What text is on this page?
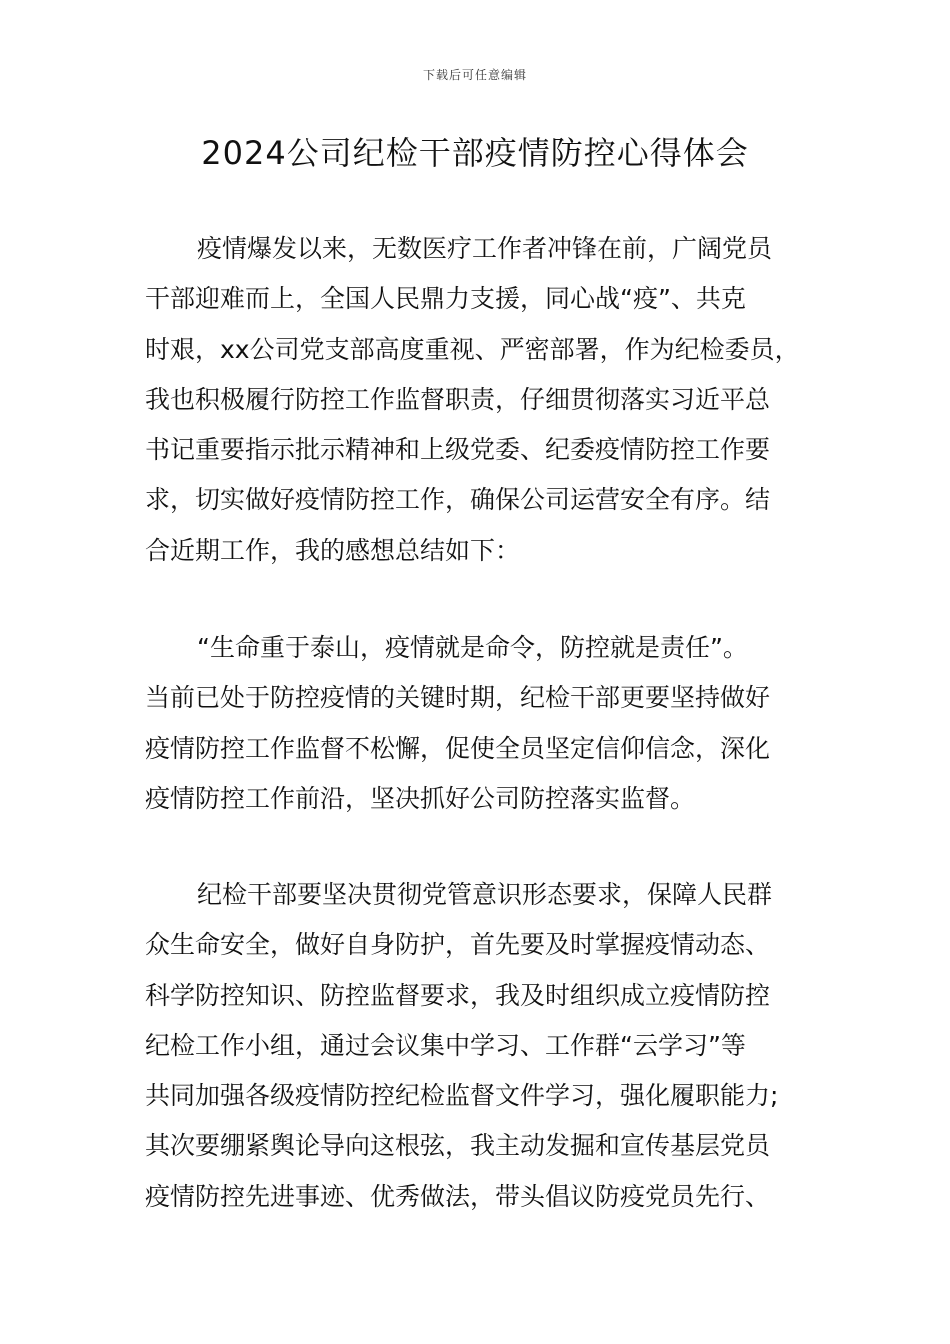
下载后可任意编辑
2024公司纪检干部疫情防控心得体会
疫情爆发以来，无数医疗工作者冲锋在前，广阔党员
干部迎难而上，全国人民鼎力支援，同心战“疫”、共克
时艰，xx公司党支部高度重视、严密部署，作为纪检委员，
我也积极履行防控工作监督职责，仔细贯彻落实习近平总
书记重要指示批示精神和上级党委、纪委疫情防控工作要
求，切实做好疫情防控工作，确保公司运营安全有序。结
合近期工作，我的感想总结如下：
“生命重于泰山，疫情就是命令，防控就是责任”。
当前已处于防控疫情的关键时期，纪检干部更要坚持做好
疫情防控工作监督不松懈，促使全员坚定信仰信念，深化
疫情防控工作前沿，坚决抓好公司防控落实监督。
纪检干部要坚决贯彻党管意识形态要求，保障人民群
众生命安全，做好自身防护，首先要及时掌握疫情动态、
科学防控知识、防控监督要求，我及时组织成立疫情防控
纪检工作小组，通过会议集中学习、工作群“云学习”等
共同加强各级疫情防控纪检监督文件学习，强化履职能力;
其次要绷紧舆论导向这根弦，我主动发掘和宣传基层党员
疫情防控先进事迹、优秀做法，带头倡议防疫党员先行、
